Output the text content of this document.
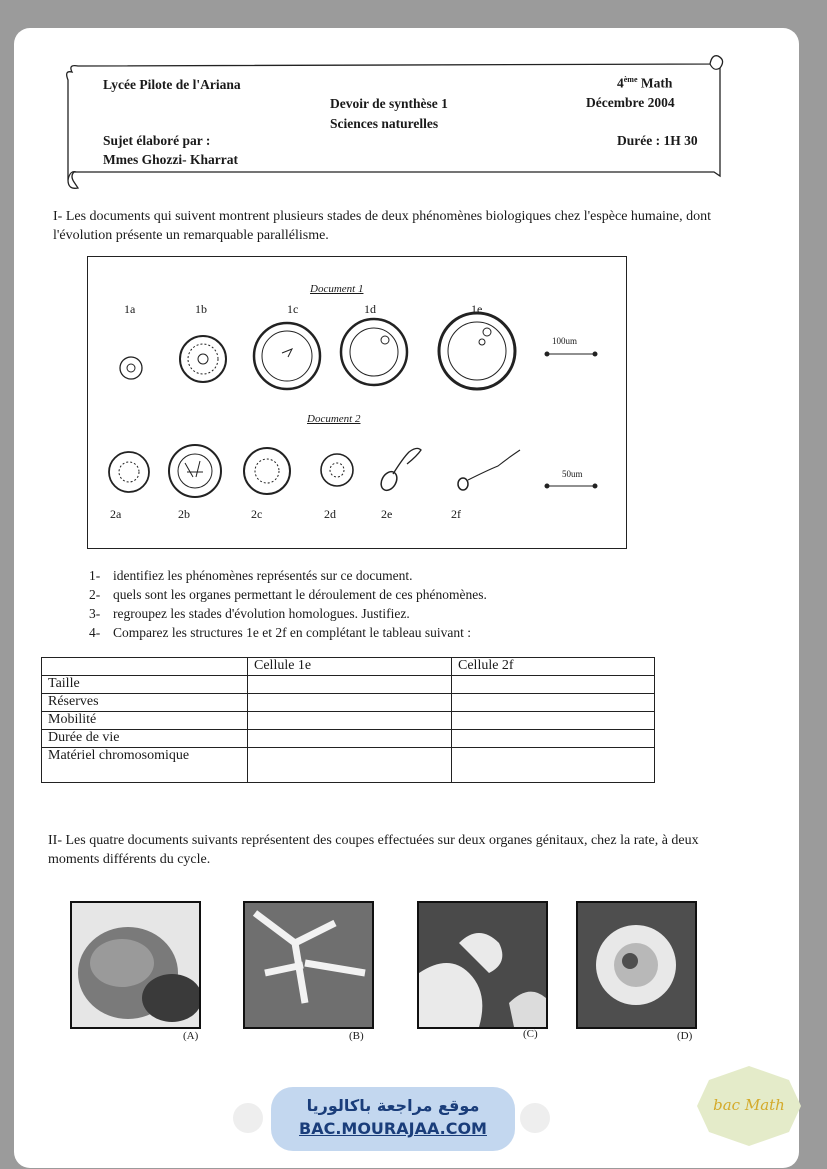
Lycée Pilote de l'Ariana	4ème Math
Devoir de synthèse 1	Décembre 2004
Sciences naturelles
Sujet élaboré par :	Durée : 1H 30
Mmes Ghozzi- Kharrat
I- Les documents qui suivent montrent plusieurs stades de deux phénomènes biologiques chez l'espèce humaine, dont l'évolution présente un remarquable parallélisme.
Document 1
Document 2
1a	1b	1c	1d	1e
100um
50um
2a	2b	2c	2d	2e	2f
1- identifiez les phénomènes représentés sur ce document.
2- quels sont les organes permettant le déroulement de ces phénomènes.
3- regroupez les stades d'évolution homologues. Justifiez.
4- Comparez les structures 1e et 2f en complétant le tableau suivant :
	Cellule 1e	Cellule 2f
Taille		
Réserves		
Mobilité		
Durée de vie		
Matériel chromosomique		
II- Les quatre documents suivants représentent des coupes effectuées sur deux organes génitaux, chez la rate, à deux moments différents du cycle.
(A)	(B)	(C)	(D)
موقع مراجعة باكالوريا
BAC.MOURAJAA.COM
bac Math
